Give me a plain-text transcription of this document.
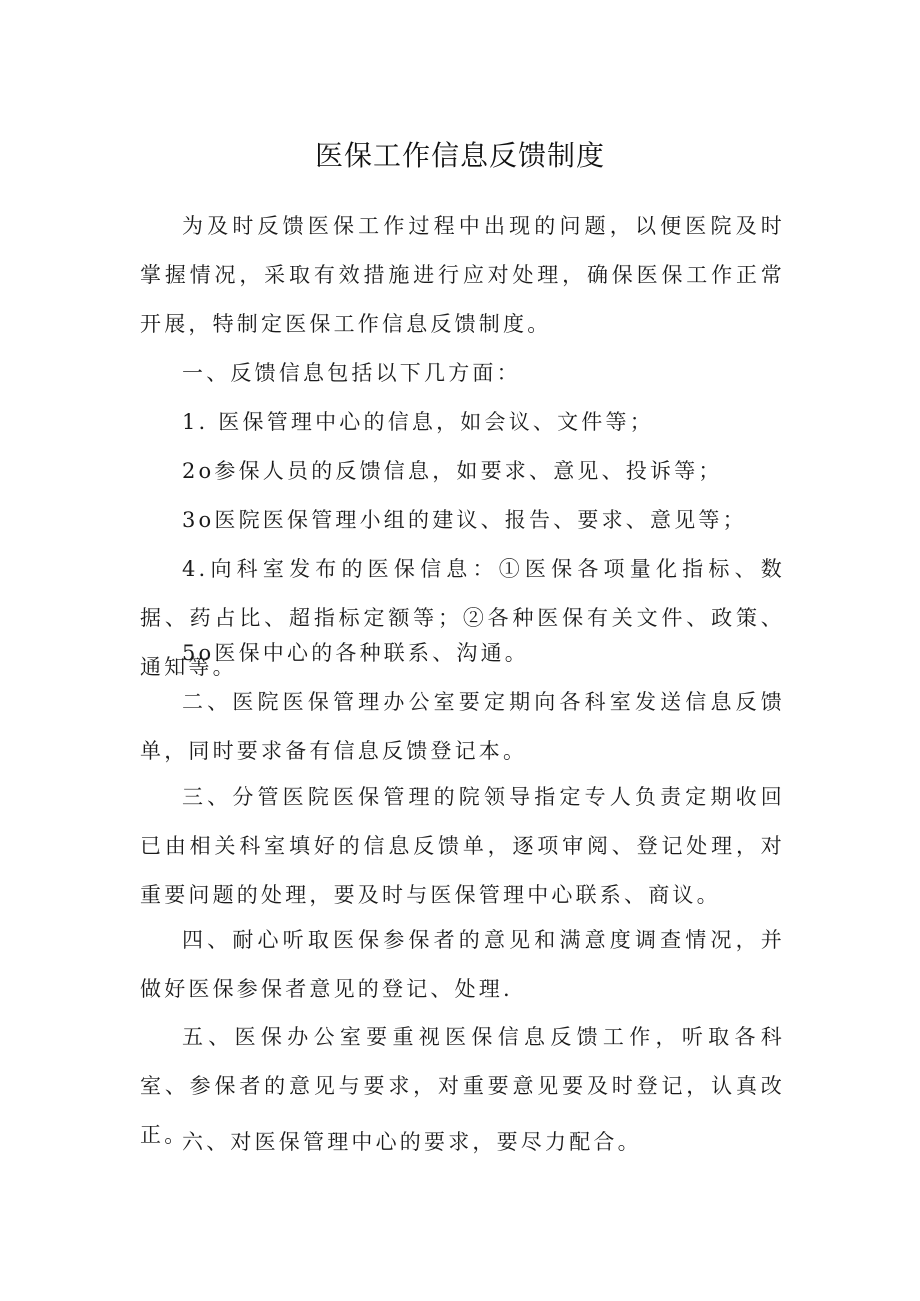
医保工作信息反馈制度

为及时反馈医保工作过程中出现的问题，以便医院及时掌握情况，采取有效措施进行应对处理，确保医保工作正常开展，特制定医保工作信息反馈制度。

一、反馈信息包括以下几方面：

1. 医保管理中心的信息，如会议、文件等；

2o参保人员的反馈信息，如要求、意见、投诉等；

3o医院医保管理小组的建议、报告、要求、意见等；

4.向科室发布的医保信息：①医保各项量化指标、数据、药占比、超指标定额等；②各种医保有关文件、政策、通知等。

5o医保中心的各种联系、沟通。

二、医院医保管理办公室要定期向各科室发送信息反馈单，同时要求备有信息反馈登记本。

三、分管医院医保管理的院领导指定专人负责定期收回已由相关科室填好的信息反馈单，逐项审阅、登记处理，对重要问题的处理，要及时与医保管理中心联系、商议。

四、耐心听取医保参保者的意见和满意度调查情况，并做好医保参保者意见的登记、处理.

五、医保办公室要重视医保信息反馈工作，听取各科室、参保者的意见与要求，对重要意见要及时登记，认真改正。

六、对医保管理中心的要求，要尽力配合。
